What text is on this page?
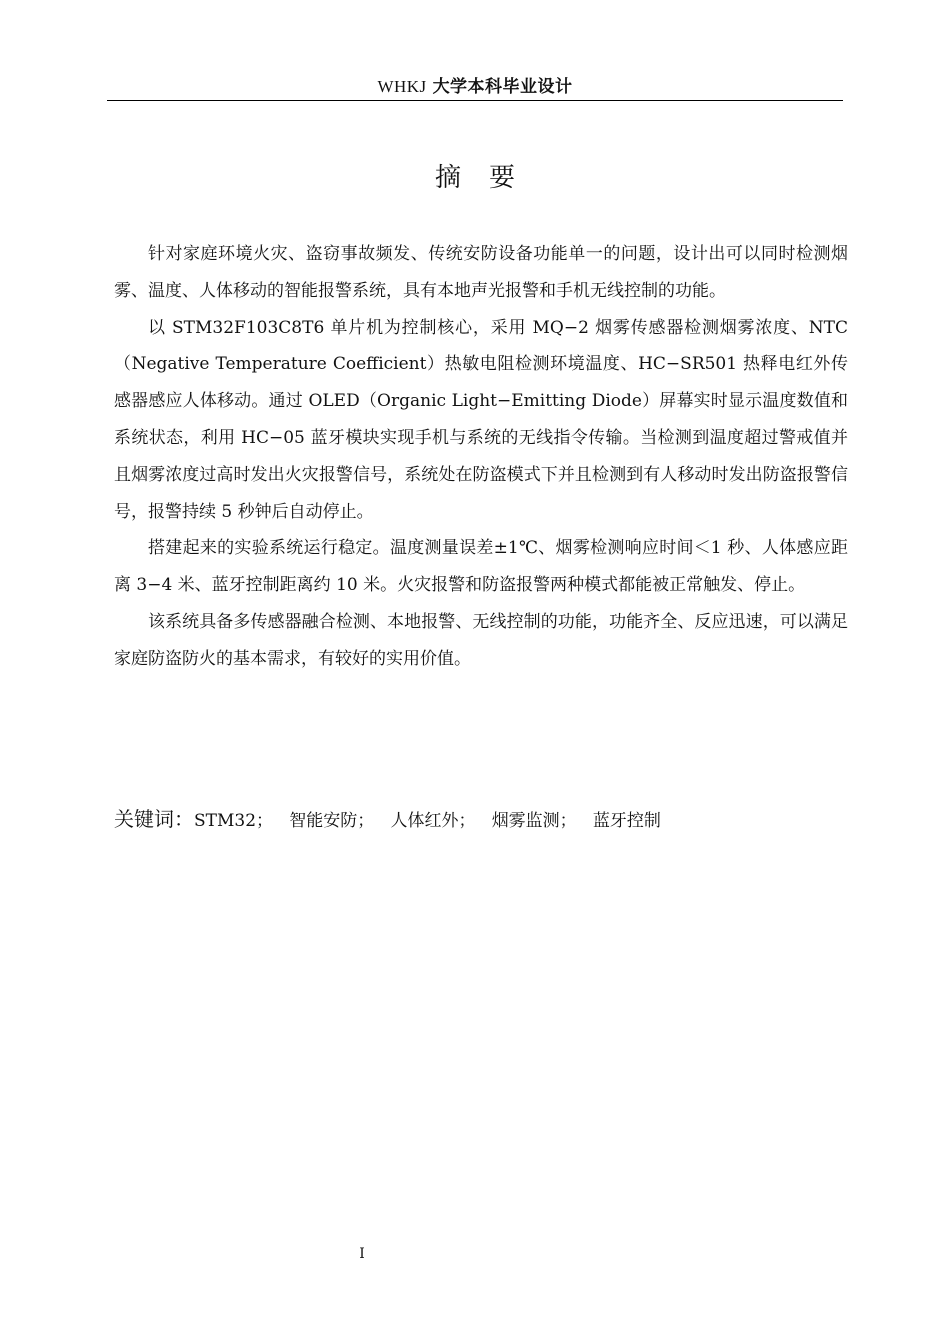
WHKJ 大学本科毕业设计
摘要

针对家庭环境火灾、盗窃事故频发、传统安防设备功能单一的问题，设计出可以同时检测烟雾、温度、人体移动的智能报警系统，具有本地声光报警和手机无线控制的功能。

以 STM32F103C8T6 单片机为控制核心，采用 MQ−2 烟雾传感器检测烟雾浓度、NTC（Negative Temperature Coefficient）热敏电阻检测环境温度、HC−SR501 热释电红外传感器感应人体移动。通过 OLED（Organic Light−Emitting Diode）屏幕实时显示温度数值和系统状态，利用 HC−05 蓝牙模块实现手机与系统的无线指令传输。当检测到温度超过警戒值并且烟雾浓度过高时发出火灾报警信号，系统处在防盗模式下并且检测到有人移动时发出防盗报警信号，报警持续 5 秒钟后自动停止。

搭建起来的实验系统运行稳定。温度测量误差±1℃、烟雾检测响应时间＜1 秒、人体感应距离 3−4 米、蓝牙控制距离约 10 米。火灾报警和防盗报警两种模式都能被正常触发、停止。

该系统具备多传感器融合检测、本地报警、无线控制的功能，功能齐全、反应迅速，可以满足家庭防盗防火的基本需求，有较好的实用价值。

关键词：STM32； 智能安防； 人体红外； 烟雾监测； 蓝牙控制
I
